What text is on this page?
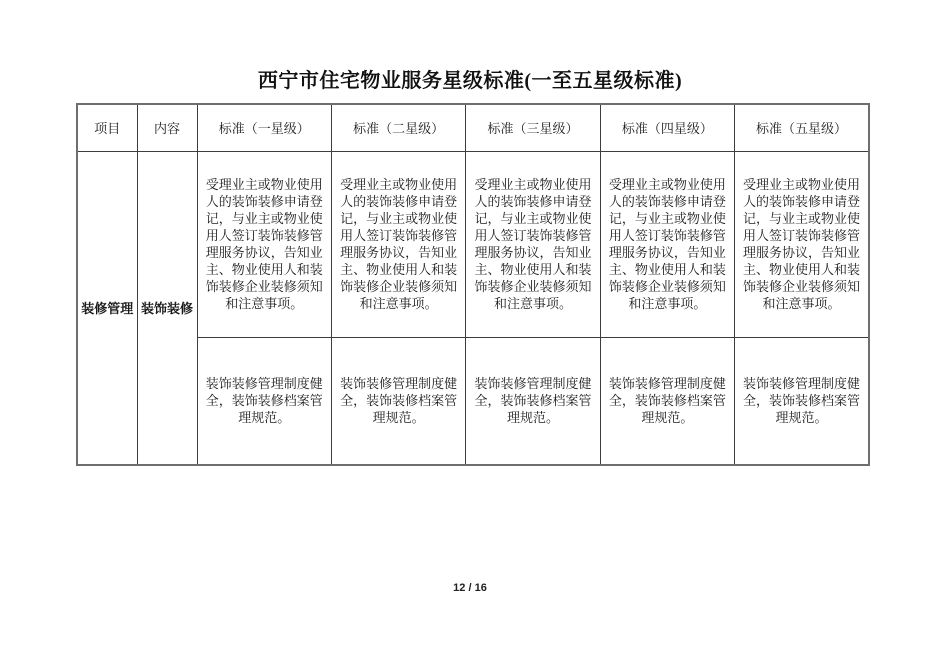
西宁市住宅物业服务星级标准(一至五星级标准)
项目	内容	标准（一星级）	标准（二星级）	标准（三星级）	标准（四星级）	标准（五星级）
装修管理	装饰装修	受理业主或物业使用人的装饰装修申请登记，与业主或物业使用人签订装饰装修管理服务协议，告知业主、物业使用人和装饰装修企业装修须知和注意事项。	受理业主或物业使用人的装饰装修申请登记，与业主或物业使用人签订装饰装修管理服务协议，告知业主、物业使用人和装饰装修企业装修须知和注意事项。	受理业主或物业使用人的装饰装修申请登记，与业主或物业使用人签订装饰装修管理服务协议，告知业主、物业使用人和装饰装修企业装修须知和注意事项。	受理业主或物业使用人的装饰装修申请登记，与业主或物业使用人签订装饰装修管理服务协议，告知业主、物业使用人和装饰装修企业装修须知和注意事项。	受理业主或物业使用人的装饰装修申请登记，与业主或物业使用人签订装饰装修管理服务协议，告知业主、物业使用人和装饰装修企业装修须知和注意事项。
		装饰装修管理制度健全，装饰装修档案管理规范。	装饰装修管理制度健全，装饰装修档案管理规范。	装饰装修管理制度健全，装饰装修档案管理规范。	装饰装修管理制度健全，装饰装修档案管理规范。	装饰装修管理制度健全，装饰装修档案管理规范。
12 / 16
